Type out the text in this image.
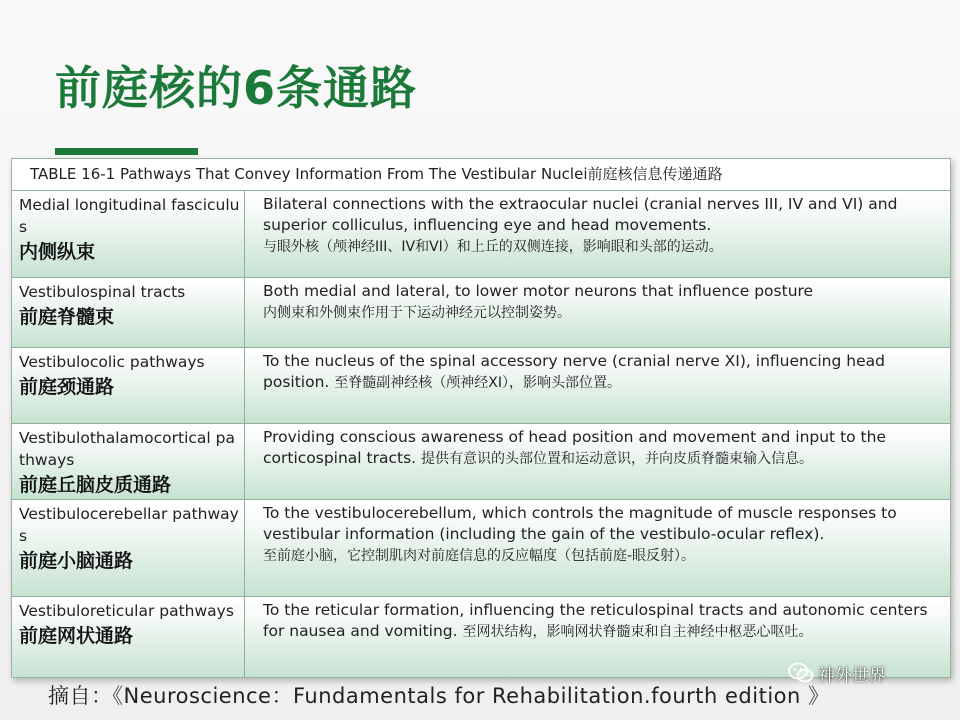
前庭核的6条通路
TABLE 16-1 Pathways That Convey Information From The Vestibular Nuclei前庭核信息传递通路
Medial longitudinal fasciculus
内侧纵束
Bilateral connections with the extraocular nuclei (cranial nerves III, IV and VI) and superior colliculus, influencing eye and head movements.
与眼外核（颅神经III、IV和VI）和上丘的双侧连接，影响眼和头部的运动。
Vestibulospinal tracts
前庭脊髓束
Both medial and lateral, to lower motor neurons that influence posture
内侧束和外侧束作用于下运动神经元以控制姿势。
Vestibulocolic pathways
前庭颈通路
To the nucleus of the spinal accessory nerve (cranial nerve XI), influencing head position. 至脊髓副神经核（颅神经XI），影响头部位置。
Vestibulothalamocortical pathways
前庭丘脑皮质通路
Providing conscious awareness of head position and movement and input to the corticospinal tracts. 提供有意识的头部位置和运动意识，并向皮质脊髓束输入信息。
Vestibulocerebellar pathways
前庭小脑通路
To the vestibulocerebellum, which controls the magnitude of muscle responses to vestibular information (including the gain of the vestibulo-ocular reflex).
至前庭小脑，它控制肌肉对前庭信息的反应幅度（包括前庭-眼反射）。
Vestibuloreticular pathways
前庭网状通路
To the reticular formation, influencing the reticulospinal tracts and autonomic centers for nausea and vomiting. 至网状结构，影响网状脊髓束和自主神经中枢恶心呕吐。
摘自：《Neuroscience：Fundamentals for Rehabilitation.fourth edition 》
神外世界
